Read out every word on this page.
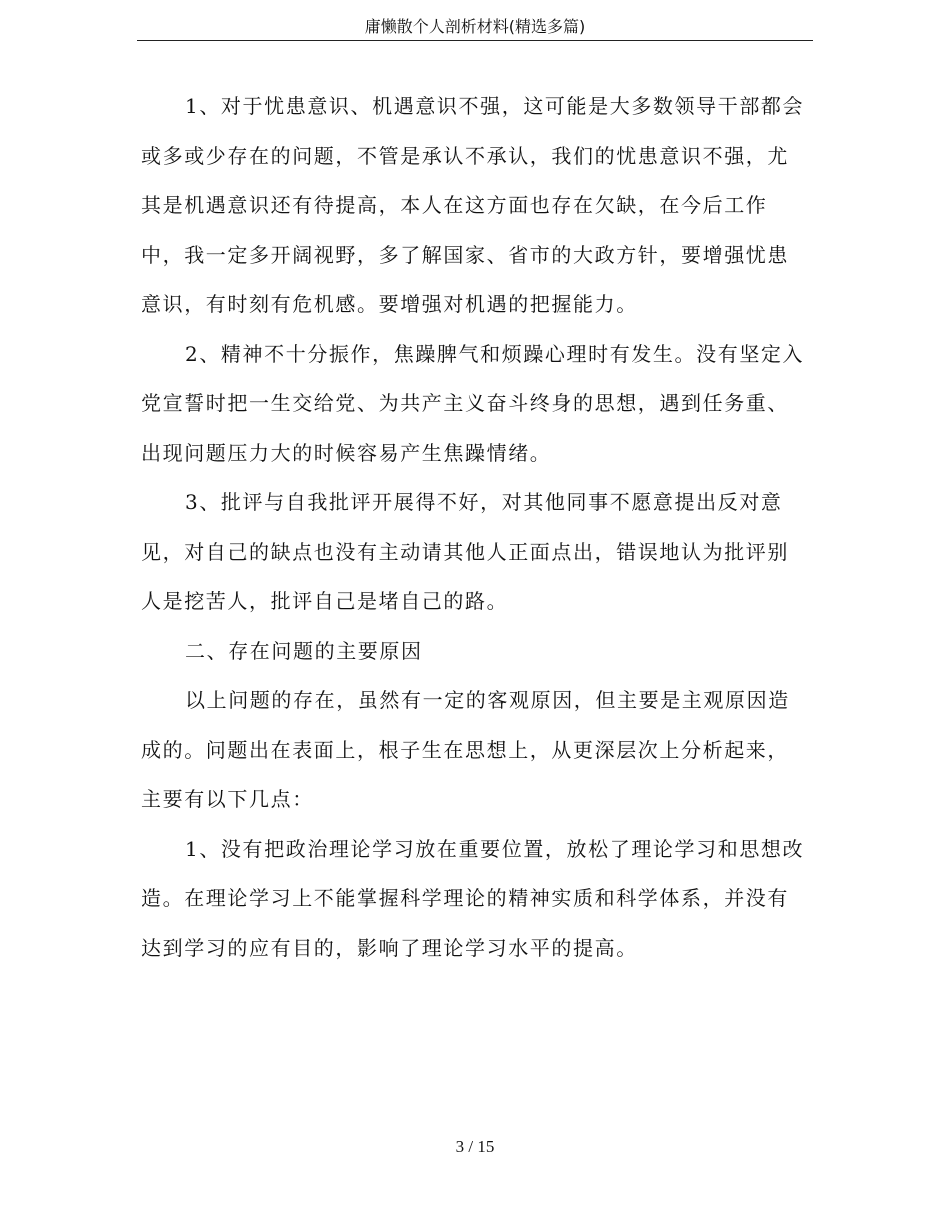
庸懒散个人剖析材料(精选多篇)

1、对于忧患意识、机遇意识不强，这可能是大多数领导干部都会
或多或少存在的问题，不管是承认不承认，我们的忧患意识不强，尤
其是机遇意识还有待提高，本人在这方面也存在欠缺，在今后工作
中，我一定多开阔视野，多了解国家、省市的大政方针，要增强忧患
意识，有时刻有危机感。要增强对机遇的把握能力。

2、精神不十分振作，焦躁脾气和烦躁心理时有发生。没有坚定入
党宣誓时把一生交给党、为共产主义奋斗终身的思想，遇到任务重、
出现问题压力大的时候容易产生焦躁情绪。

3、批评与自我批评开展得不好，对其他同事不愿意提出反对意
见，对自己的缺点也没有主动请其他人正面点出，错误地认为批评别
人是挖苦人，批评自己是堵自己的路。

二、存在问题的主要原因

以上问题的存在，虽然有一定的客观原因，但主要是主观原因造
成的。问题出在表面上，根子生在思想上，从更深层次上分析起来，
主要有以下几点：

1、没有把政治理论学习放在重要位置，放松了理论学习和思想改
造。在理论学习上不能掌握科学理论的精神实质和科学体系，并没有
达到学习的应有目的，影响了理论学习水平的提高。

3 / 15
